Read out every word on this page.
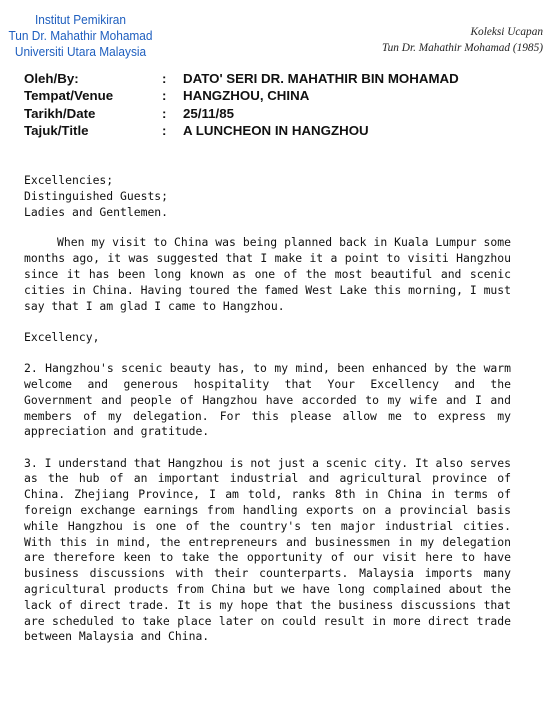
Institut Pemikiran
Tun Dr. Mahathir Mohamad
Universiti Utara Malaysia
Koleksi Ucapan
Tun Dr. Mahathir Mohamad (1985)
Oleh/By:	: DATO' SERI DR. MAHATHIR BIN MOHAMAD
Tempat/Venue	: HANGZHOU, CHINA
Tarikh/Date	: 25/11/85
Tajuk/Title	: A LUNCHEON IN HANGZHOU

Excellencies;
Distinguished Guests;
Ladies and Gentlemen.

When my visit to China was being planned back in Kuala Lumpur some months ago, it was suggested that I make it a point to visiti Hangzhou since it has been long known as one of the most beautiful and scenic cities in China. Having toured the famed West Lake this morning, I must say that I am glad I came to Hangzhou.

Excellency,

2. Hangzhou's scenic beauty has, to my mind, been enhanced by the warm welcome and generous hospitality that Your Excellency and the Government and people of Hangzhou have accorded to my wife and I and members of my delegation. For this please allow me to express my appreciation and gratitude.

3. I understand that Hangzhou is not just a scenic city. It also serves as the hub of an important industrial and agricultural province of China. Zhejiang Province, I am told, ranks 8th in China in terms of foreign exchange earnings from handling exports on a provincial basis while Hangzhou is one of the country's ten major industrial cities. With this in mind, the entrepreneurs and businessmen in my delegation are therefore keen to take the opportunity of our visit here to have business discussions with their counterparts. Malaysia imports many agricultural products from China but we have long complained about the lack of direct trade. It is my hope that the business discussions that are scheduled to take place later on could result in more direct trade between Malaysia and China.
